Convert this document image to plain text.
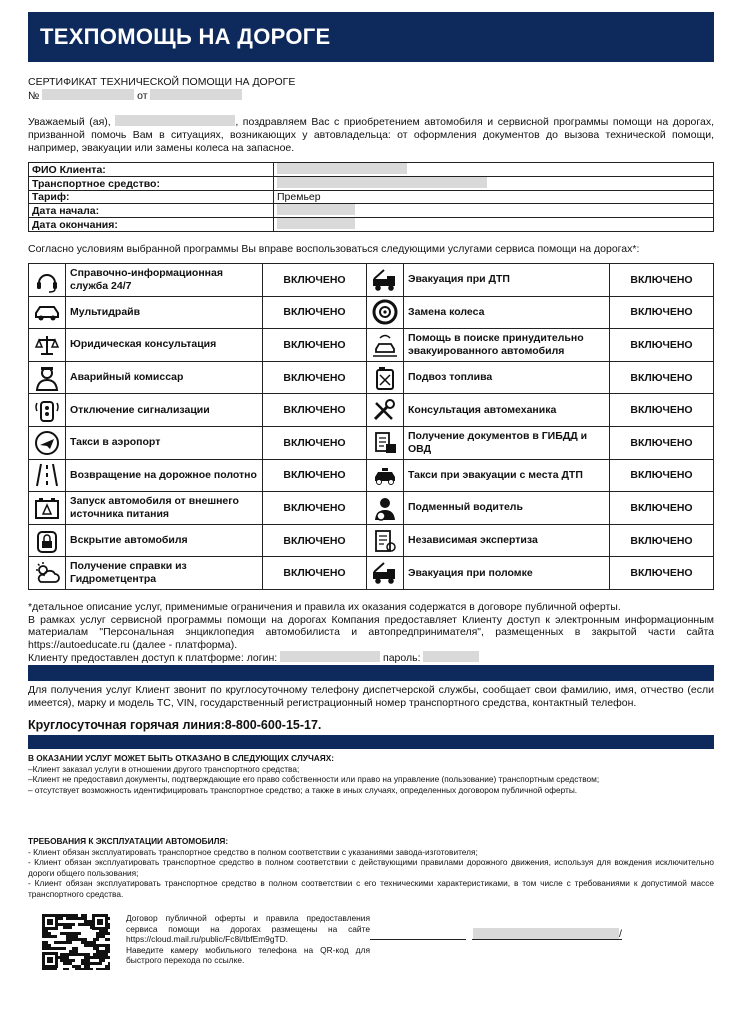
ТЕХПОМОЩЬ НА ДОРОГЕ
СЕРТИФИКАТ ТЕХНИЧЕСКОЙ ПОМОЩИ НА ДОРОГЕ
№	от
Уважаемый (ая),	, поздравляем Вас с приобретением автомобиля и сервисной программы помощи на дорогах, призванной помочь Вам в ситуациях, возникающих у автовладельца: от оформления документов до вызова технической помощи, например, эвакуации или замены колеса на запасное.
ФИО Клиента:	
Транспортное средство:	
Тариф:	Премьер
Дата начала:	
Дата окончания:	
Согласно условиям выбранной программы Вы вправе воспользоваться следующими услугами сервиса помощи на дорогах*:
	Справочно-информационная служба 24/7	ВКЛЮЧЕНО		Эвакуация при ДТП	ВКЛЮЧЕНО

	Мультидрайв	ВКЛЮЧЕНО		Замена колеса	ВКЛЮЧЕНО

	Юридическая консультация	ВКЛЮЧЕНО		Помощь в поиске принудительно эвакуированного автомобиля	ВКЛЮЧЕНО

	Аварийный комиссар	ВКЛЮЧЕНО		Подвоз топлива	ВКЛЮЧЕНО

	Отключение сигнализации	ВКЛЮЧЕНО		Консультация автомеханика	ВКЛЮЧЕНО

	Такси в аэропорт	ВКЛЮЧЕНО		Получение документов в ГИБДД и ОВД	ВКЛЮЧЕНО

	Возвращение на дорожное полотно	ВКЛЮЧЕНО		Такси при эвакуации с места ДТП	ВКЛЮЧЕНО

	Запуск автомобиля от внешнего источника питания	ВКЛЮЧЕНО		Подменный водитель	ВКЛЮЧЕНО

	Вскрытие автомобиля	ВКЛЮЧЕНО		Независимая экспертиза	ВКЛЮЧЕНО

	Получение справки из Гидрометцентра	ВКЛЮЧЕНО		Эвакуация при поломке	ВКЛЮЧЕНО
*детальное описание услуг, применимые ограничения и правила их оказания содержатся в договоре публичной оферты.
В рамках услуг сервисной программы помощи на дорогах Компания предоставляет Клиенту доступ к электронным информационным материалам "Персональная энциклопедия автомобилиста и автопредпринимателя", размещенных в закрытой части сайта https://autoeducate.ru (далее - платформа).
Клиенту предоставлен доступ к платформе: логин:	пароль:
Для получения услуг Клиент звонит по круглосуточному телефону диспетчерской службы, сообщает свои фамилию, имя, отчество (если имеется), марку и модель ТС, VIN, государственный регистрационный номер транспортного средства, контактный телефон.
Круглосуточная горячая линия:8-800-600-15-17.
В ОКАЗАНИИ УСЛУГ МОЖЕТ БЫТЬ ОТКАЗАНО В СЛЕДУЮЩИХ СЛУЧАЯХ:
–Клиент заказал услуги в отношении другого транспортного средства;
–Клиент не предоставил документы, подтверждающие его право собственности или право на управление (пользование) транспортным средством;
– отсутствует возможность идентифицировать транспортное средство; а также в иных случаях, определенных договором публичной оферты.
ТРЕБОВАНИЯ К ЭКСПЛУАТАЦИИ АВТОМОБИЛЯ:
- Клиент обязан эксплуатировать транспортное средство в полном соответствии с указаниями завода-изготовителя;
- Клиент обязан эксплуатировать транспортное средство в полном соответствии с действующими правилами дорожного движения, используя для вождения исключительно дороги общего пользования;
- Клиент обязан эксплуатировать транспортное средство в полном соответствии с его техническими характеристиками, в том числе с требованиями к допустимой массе транспортного средства.
Договор публичной оферты и правила предоставления сервиса помощи на дорогах размещены на сайте https://cloud.mail.ru/public/Fc8i/tbfEm9gTD.
Наведите камеру мобильного телефона на QR-код для быстрого перехода по ссылке.
/
